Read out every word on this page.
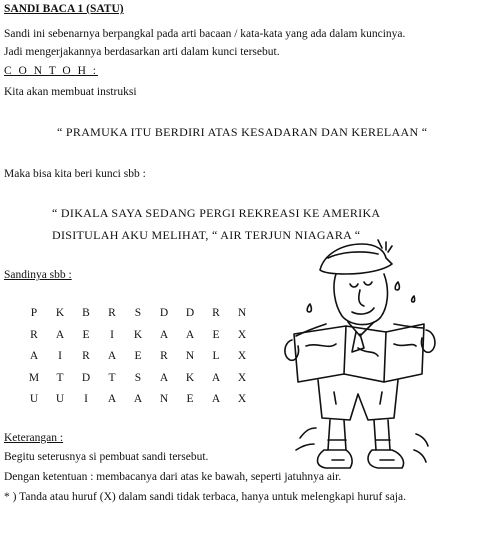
SANDI BACA 1 (SATU)
Sandi ini sebenarnya berpangkal pada arti bacaan / kata-kata yang ada dalam kuncinya.
Jadi mengerjakannya berdasarkan arti dalam kunci tersebut.
C O N T O H :
Kita akan membuat instruksi
“ PRAMUKA ITU BERDIRI ATAS KESADARAN DAN KERELAAN “
Maka bisa kita beri kunci sbb :
“ DIKALA SAYA SEDANG PERGI REKREASI KE AMERIKA
DISITULAH AKU MELIHAT, “ AIR TERJUN NIAGARA “
Sandinya sbb :
P K B R S D D R N
R A E	I	K A A E X
A	I	R A E R N L X
M T D T S A K A X
U U	I	A A N E A X
Keterangan :
Begitu seterusnya si pembuat sandi tersebut.
Dengan ketentuan : membacanya dari atas ke bawah, seperti jatuhnya air.
* ) Tanda atau huruf (X) dalam sandi tidak terbaca, hanya untuk melengkapi huruf saja.
